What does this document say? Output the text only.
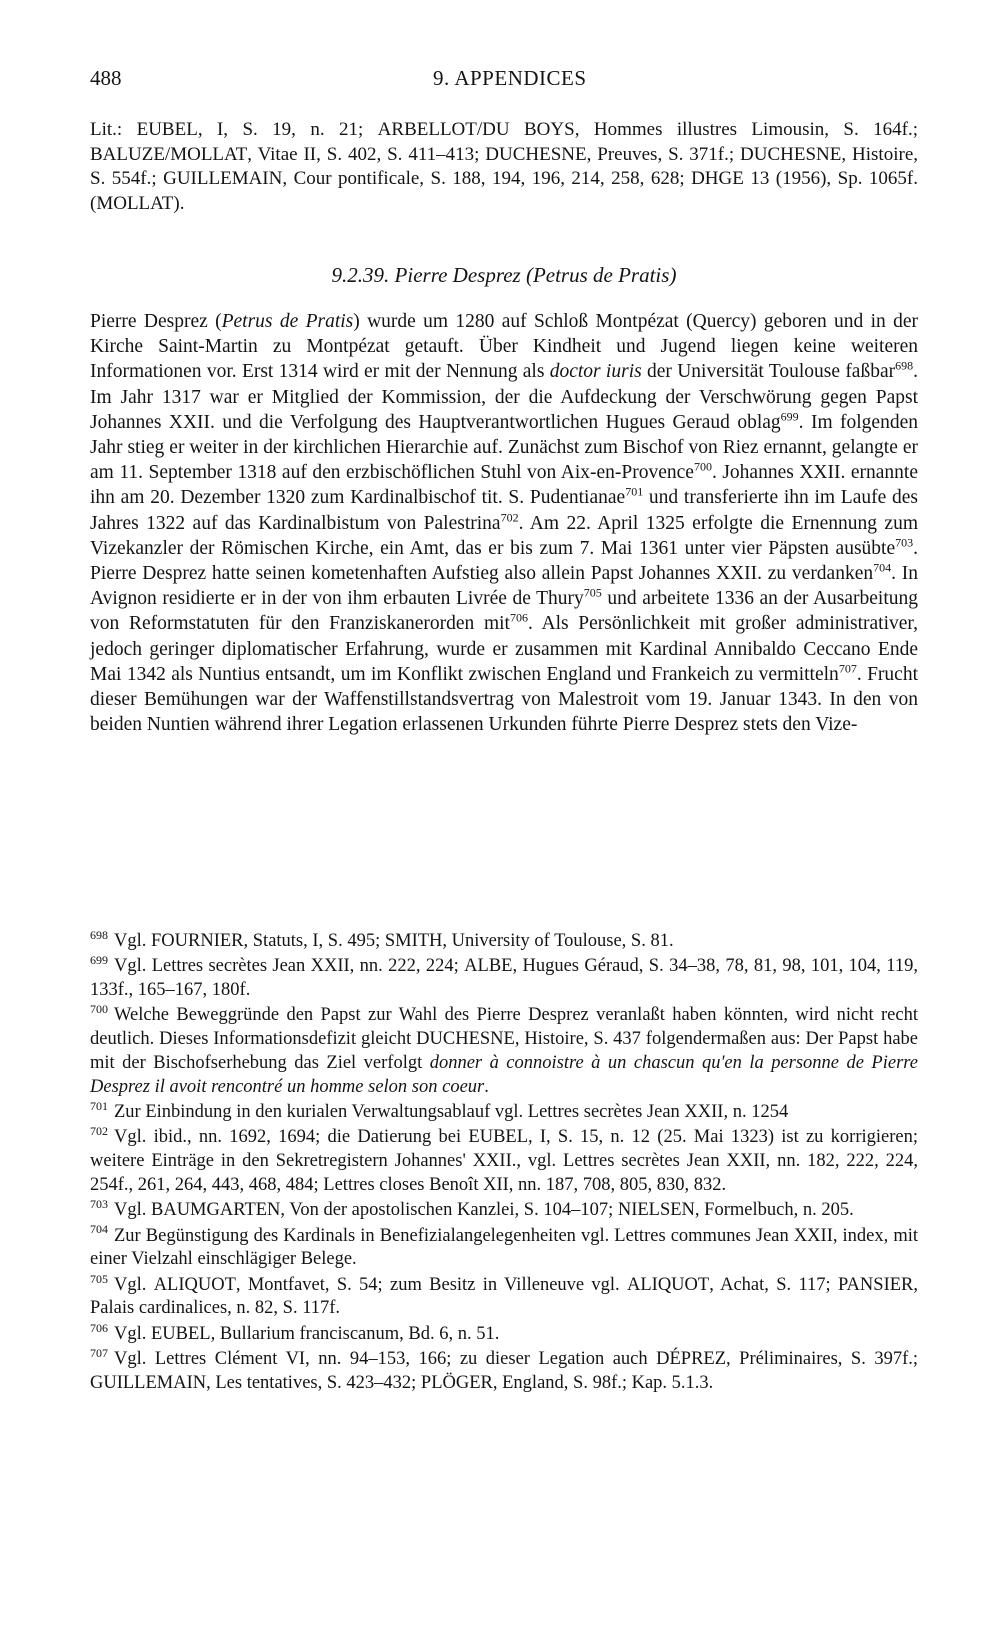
488	9. APPENDICES
Lit.: EUBEL, I, S. 19, n. 21; ARBELLOT/DU BOYS, Hommes illustres Limousin, S. 164f.; BALUZE/MOLLAT, Vitae II, S. 402, S. 411–413; DUCHESNE, Preuves, S. 371f.; DUCHESNE, Histoire, S. 554f.; GUILLEMAIN, Cour pontificale, S. 188, 194, 196, 214, 258, 628; DHGE 13 (1956), Sp. 1065f. (MOLLAT).
9.2.39. Pierre Desprez (Petrus de Pratis)
Pierre Desprez (Petrus de Pratis) wurde um 1280 auf Schloß Montpézat (Quercy) geboren und in der Kirche Saint-Martin zu Montpézat getauft. Über Kindheit und Jugend liegen keine weiteren Informationen vor. Erst 1314 wird er mit der Nennung als doctor iuris der Universität Toulouse faßbar$^{698}$. Im Jahr 1317 war er Mitglied der Kommission, der die Aufdeckung der Verschwörung gegen Papst Johannes XXII. und die Verfolgung des Hauptverantwortlichen Hugues Geraud oblag$^{699}$. Im folgenden Jahr stieg er weiter in der kirchlichen Hierarchie auf. Zunächst zum Bischof von Riez ernannt, gelangte er am 11. September 1318 auf den erzbischöflichen Stuhl von Aix-en-Provence$^{700}$. Johannes XXII. ernannte ihn am 20. Dezember 1320 zum Kardinalbischof tit. S. Pudentianae$^{701}$ und transferierte ihn im Laufe des Jahres 1322 auf das Kardinalbistum von Palestrina$^{702}$. Am 22. April 1325 erfolgte die Ernennung zum Vizekanzler der Römischen Kirche, ein Amt, das er bis zum 7. Mai 1361 unter vier Päpsten ausübte$^{703}$. Pierre Desprez hatte seinen kometenhaften Aufstieg also allein Papst Johannes XXII. zu verdanken$^{704}$. In Avignon residierte er in der von ihm erbauten Livrée de Thury$^{705}$ und arbeitete 1336 an der Ausarbeitung von Reformstatuten für den Franziskanerorden mit$^{706}$. Als Persönlichkeit mit großer administrativer, jedoch geringer diplomatischer Erfahrung, wurde er zusammen mit Kardinal Annibaldo Ceccano Ende Mai 1342 als Nuntius entsandt, um im Konflikt zwischen England und Frankeich zu vermitteln$^{707}$. Frucht dieser Bemühungen war der Waffenstillstandsvertrag von Malestroit vom 19. Januar 1343. In den von beiden Nuntien während ihrer Legation erlassenen Urkunden führte Pierre Desprez stets den Vize-
$^{698}$ Vgl. FOURNIER, Statuts, I, S. 495; SMITH, University of Toulouse, S. 81.
$^{699}$ Vgl. Lettres secrètes Jean XXII, nn. 222, 224; ALBE, Hugues Géraud, S. 34–38, 78, 81, 98, 101, 104, 119, 133f., 165–167, 180f.
$^{700}$ Welche Beweggründe den Papst zur Wahl des Pierre Desprez veranlaßt haben könnten, wird nicht recht deutlich. Dieses Informationsdefizit gleicht DUCHESNE, Histoire, S. 437 folgendermaßen aus: Der Papst habe mit der Bischofserhebung das Ziel verfolgt donner à connoistre à un chascun qu'en la personne de Pierre Desprez il avoit rencontré un homme selon son coeur.
$^{701}$ Zur Einbindung in den kurialen Verwaltungsablauf vgl. Lettres secrètes Jean XXII, n. 1254
$^{702}$ Vgl. ibid., nn. 1692, 1694; die Datierung bei EUBEL, I, S. 15, n. 12 (25. Mai 1323) ist zu korrigieren; weitere Einträge in den Sekretregistern Johannes' XXII., vgl. Lettres secrètes Jean XXII, nn. 182, 222, 224, 254f., 261, 264, 443, 468, 484; Lettres closes Benoît XII, nn. 187, 708, 805, 830, 832.
$^{703}$ Vgl. BAUMGARTEN, Von der apostolischen Kanzlei, S. 104–107; NIELSEN, Formelbuch, n. 205.
$^{704}$ Zur Begünstigung des Kardinals in Benefizialangelegenheiten vgl. Lettres communes Jean XXII, index, mit einer Vielzahl einschlägiger Belege.
$^{705}$ Vgl. ALIQUOT, Montfavet, S. 54; zum Besitz in Villeneuve vgl. ALIQUOT, Achat, S. 117; PANSIER, Palais cardinalices, n. 82, S. 117f.
$^{706}$ Vgl. EUBEL, Bullarium franciscanum, Bd. 6, n. 51.
$^{707}$ Vgl. Lettres Clément VI, nn. 94–153, 166; zu dieser Legation auch DÉPREZ, Préliminaires, S. 397f.; GUILLEMAIN, Les tentatives, S. 423–432; PLÖGER, England, S. 98f.; Kap. 5.1.3.
